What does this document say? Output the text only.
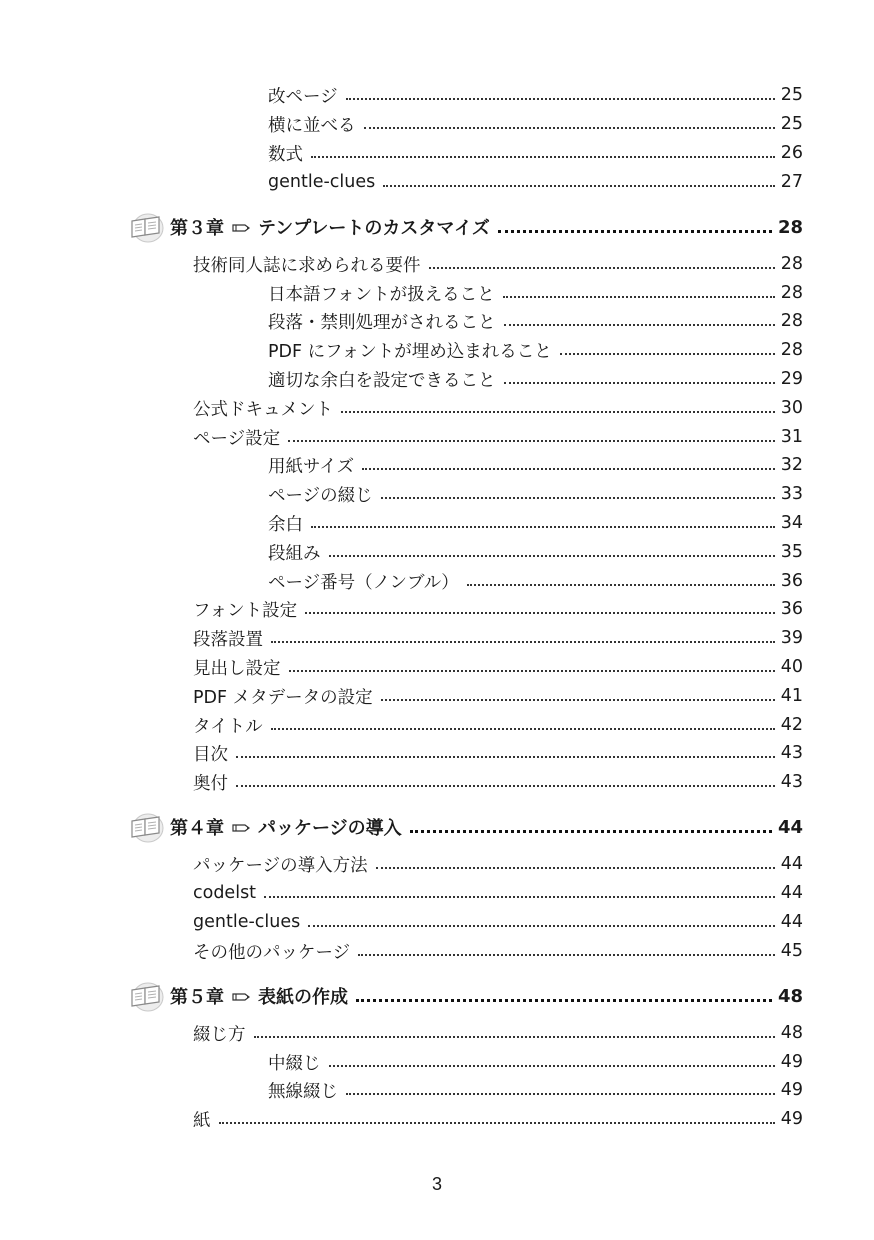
改ページ	25
横に並べる	25
数式	26
gentle-clues	27
第３章 テンプレートのカスタマイズ	28
技術同人誌に求められる要件	28
日本語フォントが扱えること	28
段落・禁則処理がされること	28
PDF にフォントが埋め込まれること	28
適切な余白を設定できること	29
公式ドキュメント	30
ページ設定	31
用紙サイズ	32
ページの綴じ	33
余白	34
段組み	35
ページ番号（ノンブル）	36
フォント設定	36
段落設置	39
見出し設定	40
PDF メタデータの設定	41
タイトル	42
目次	43
奥付	43
第４章 パッケージの導入	44
パッケージの導入方法	44
codelst	44
gentle-clues	44
その他のパッケージ	45
第５章 表紙の作成	48
綴じ方	48
中綴じ	49
無線綴じ	49
紙	49
3
